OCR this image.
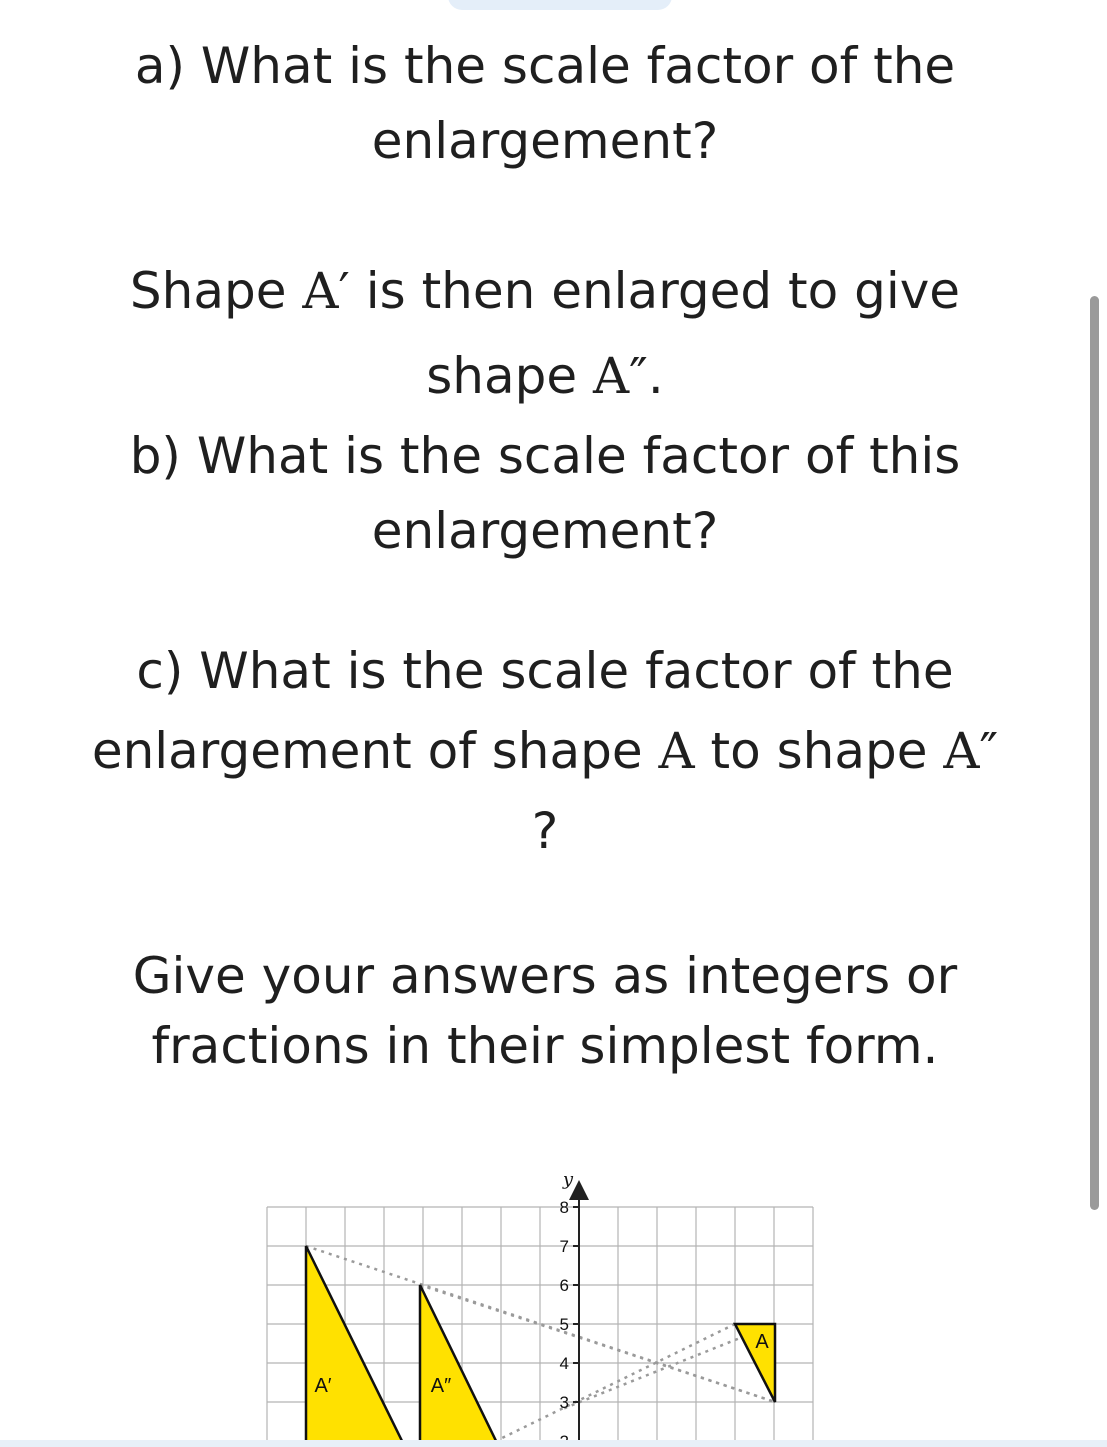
a) What is the scale factor of the

enlargement?

Shape A′ is then enlarged to give

shape A″.

b) What is the scale factor of this

enlargement?

c) What is the scale factor of the

enlargement of shape A to shape A″

?

Give your answers as integers or

fractions in their simplest form.

A
A′	A″
y
3
4
5
6
7
8
